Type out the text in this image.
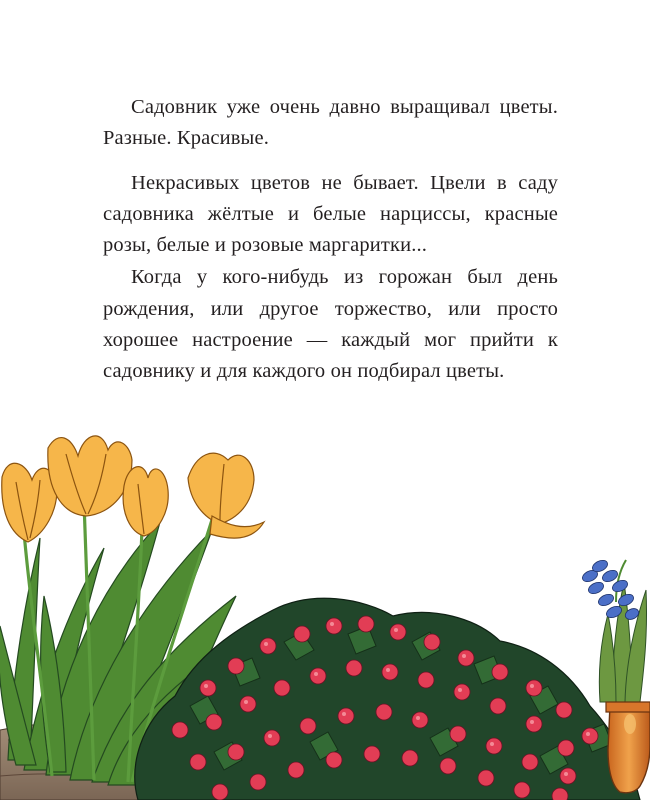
Садовник уже очень давно выращивал цветы. Разные. Красивые.

Некрасивых цветов не бывает. Цвели в саду садовника жёлтые и белые нарциссы, красные розы, белые и розовые маргаритки...

Когда у кого-нибудь из горожан был день рождения, или другое торжество, или просто хорошее настроение — каждый мог прийти к садовнику и для каждого он подбирал цветы.
